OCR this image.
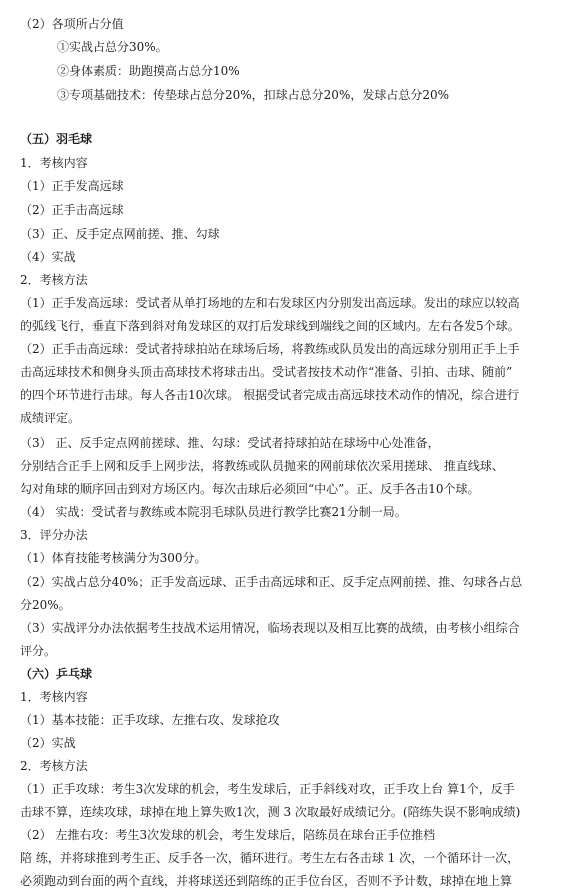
（2）各项所占分值

①实战占总分30%。

②身体素质：助跑摸高占总分10%

③专项基础技术：传垫球占总分20%，扣球占总分20%，发球占总分20%

（五）羽毛球

1．考核内容

（1）正手发高远球

（2）正手击高远球

（3）正、反手定点网前搓、推、勾球

（4）实战

2．考核方法

（1）正手发高远球：受试者从单打场地的左和右发球区内分别发出高远球。发出的球应以较高

的弧线飞行，垂直下落到斜对角发球区的双打后发球线到端线之间的区域内。左右各发5个球。

（2）正手击高远球：受试者持球拍站在球场后场，将教练或队员发出的高远球分别用正手上手

击高远球技术和侧身头顶击高球技术将球击出。受试者按技术动作“准备、引拍、击球、随前”

的四个环节进行击球。每人各击10次球。 根据受试者完成击高远球技术动作的情况，综合进行

成绩评定。

（3） 正、反手定点网前搓球、推、勾球：受试者持球拍站在球场中心处准备，

分别结合正手上网和反手上网步法，将教练或队员抛来的网前球依次采用搓球、 推直线球、

勾对角球的顺序回击到对方场区内。每次击球后必须回“中心”。正、反手各击10个球。

（4） 实战：受试者与教练或本院羽毛球队员进行教学比赛21分制一局。

3．评分办法

（1）体育技能考核满分为300分。

（2）实战占总分40%；正手发高远球、正手击高远球和正、反手定点网前搓、推、勾球各占总

分20%。

（3）实战评分办法依据考生技战术运用情况，临场表现以及相互比赛的战绩，由考核小组综合

评分。

（六）乒乓球

1．考核内容

（1）基本技能：正手攻球、左推右攻、发球抢攻

（2）实战

2．考核方法

（1）正手攻球：考生3次发球的机会，考生发球后，正手斜线对攻，正手攻上台 算1个，反手

击球不算，连续攻球，球掉在地上算失败1次，测 3 次取最好成绩记分。(陪练失误不影响成绩)

（2） 左推右攻：考生3次发球的机会，考生发球后，陪练员在球台正手位推档

陪 练，并将球推到考生正、反手各一次，循环进行。考生左右各击球 1 次，一个循环计一次，

必须跑动到台面的两个直线，并将球送还到陪练的正手位台区，否则不予计数，球掉在地上算
